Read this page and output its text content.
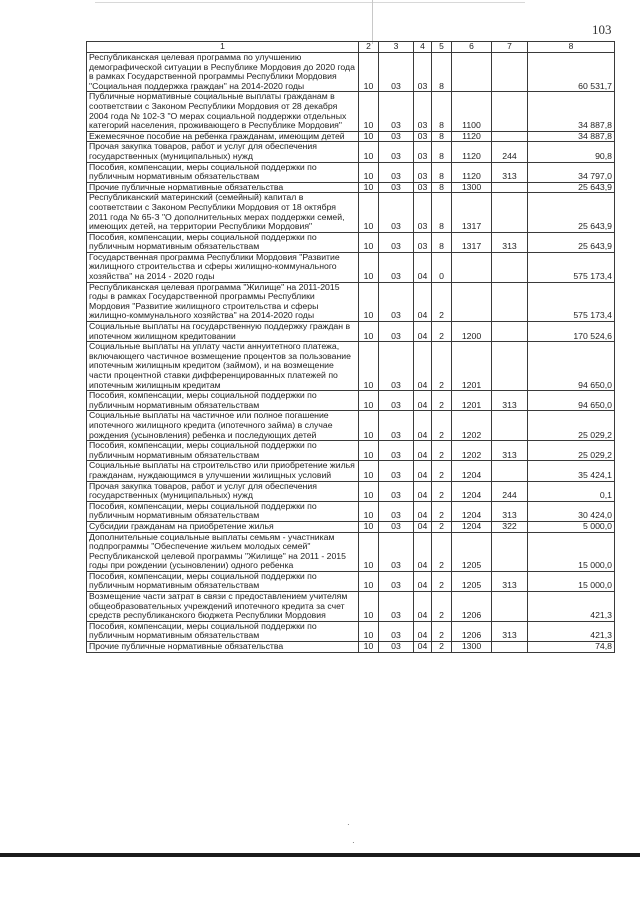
103
1	2	3	4	5	6	7	8
Республиканская целевая программа по улучшению демографической ситуации в Республике Мордовия до 2020 года в рамках Государственной программы Республики Мордовия "Социальная поддержка граждан" на 2014-2020 годы	10	03	03	8			60 531,7
Публичные нормативные социальные выплаты гражданам в соответствии с Законом Республики Мордовия от 28 декабря 2004 года № 102-З "О мерах социальной поддержки отдельных категорий населения, проживающего в Республике Мордовия"	10	03	03	8	1100		34 887,8
Ежемесячное пособие на ребенка гражданам, имеющим детей	10	03	03	8	1120		34 887,8
Прочая закупка товаров, работ и услуг для обеспечения государственных (муниципальных) нужд	10	03	03	8	1120	244	90,8
Пособия, компенсации, меры социальной поддержки по публичным нормативным обязательствам	10	03	03	8	1120	313	34 797,0
Прочие публичные нормативные обязательства	10	03	03	8	1300		25 643,9
Республиканский материнский (семейный) капитал в соответствии с Законом Республики Мордовия от 18 октября 2011 года № 65-З "О дополнительных мерах поддержки семей, имеющих детей, на территории Республики Мордовия"	10	03	03	8	1317		25 643,9
Пособия, компенсации, меры социальной поддержки по публичным нормативным обязательствам	10	03	03	8	1317	313	25 643,9
Государственная программа Республики Мордовия "Развитие жилищного строительства и сферы жилищно-коммунального хозяйства" на 2014 - 2020 годы	10	03	04	0			575 173,4
Республиканская целевая программа "Жилище" на 2011-2015 годы в рамках Государственной программы Республики Мордовия "Развитие жилищного строительства и сферы жилищно-коммунального хозяйства" на 2014-2020 годы	10	03	04	2			575 173,4
Социальные выплаты на государственную поддержку граждан в ипотечном жилищном кредитовании	10	03	04	2	1200		170 524,6
Социальные выплаты на уплату части аннуитетного платежа, включающего частичное возмещение процентов за пользование ипотечным жилищным кредитом (займом), и на возмещение части процентной ставки дифференцированных платежей по ипотечным жилищным кредитам	10	03	04	2	1201		94 650,0
Пособия, компенсации, меры социальной поддержки по публичным нормативным обязательствам	10	03	04	2	1201	313	94 650,0
Социальные выплаты на частичное или полное погашение ипотечного жилищного кредита (ипотечного займа) в случае рождения (усыновления) ребенка и последующих детей	10	03	04	2	1202		25 029,2
Пособия, компенсации, меры социальной поддержки по публичным нормативным обязательствам	10	03	04	2	1202	313	25 029,2
Социальные выплаты на строительство или приобретение жилья гражданам, нуждающимся в улучшении жилищных условий	10	03	04	2	1204		35 424,1
Прочая закупка товаров, работ и услуг для обеспечения государственных (муниципальных) нужд	10	03	04	2	1204	244	0,1
Пособия, компенсации, меры социальной поддержки по публичным нормативным обязательствам	10	03	04	2	1204	313	30 424,0
Субсидии гражданам на приобретение жилья	10	03	04	2	1204	322	5 000,0
Дополнительные социальные выплаты семьям - участникам подпрограммы "Обеспечение жильем молодых семей" Республиканской целевой программы "Жилище" на 2011 - 2015 годы при рождении (усыновлении) одного ребенка	10	03	04	2	1205		15 000,0
Пособия, компенсации, меры социальной поддержки по публичным нормативным обязательствам	10	03	04	2	1205	313	15 000,0
Возмещение части затрат в связи с предоставлением учителям общеобразовательных учреждений ипотечного кредита за счет средств республиканского бюджета Республики Мордовия	10	03	04	2	1206		421,3
Пособия, компенсации, меры социальной поддержки по публичным нормативным обязательствам	10	03	04	2	1206	313	421,3
Прочие публичные нормативные обязательства	10	03	04	2	1300		74,8
·
·
